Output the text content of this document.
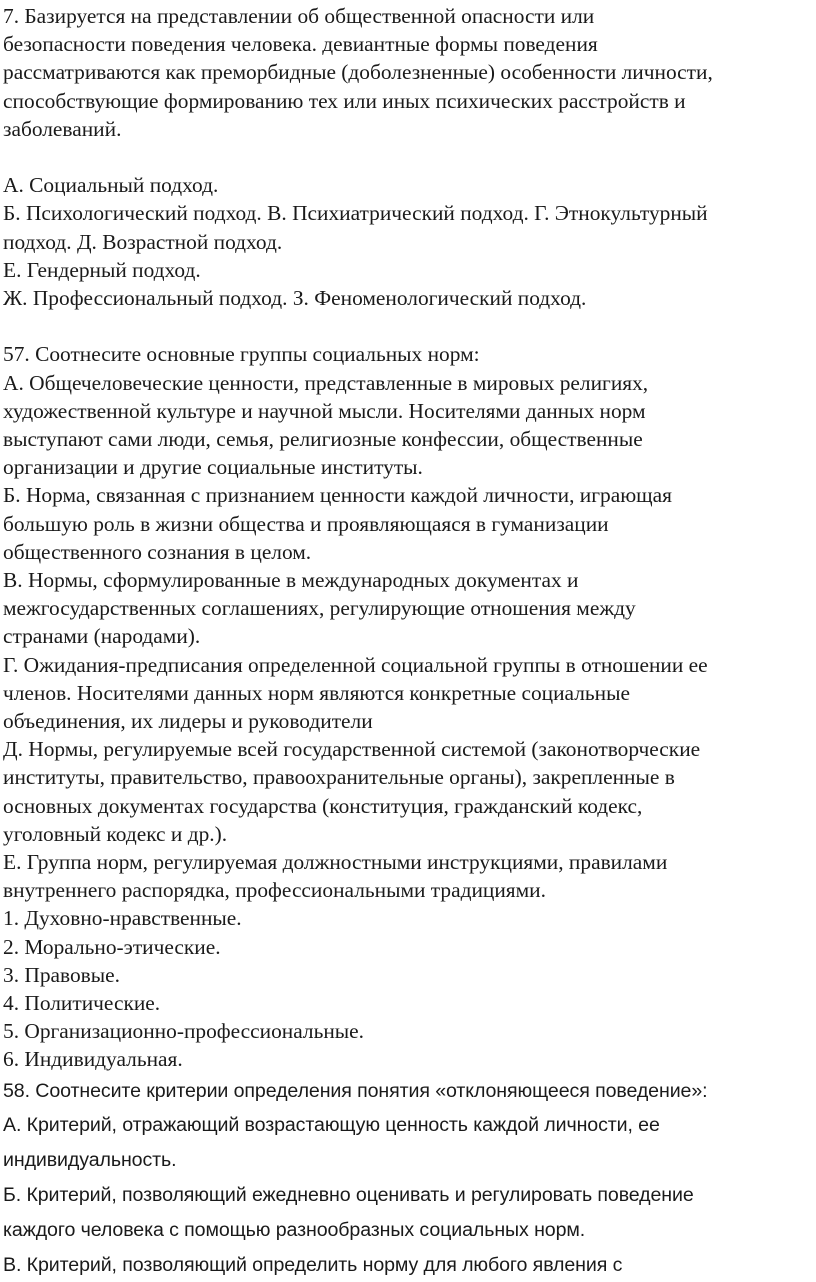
7. Базируется на представлении об общественной опасности или
безопасности поведения человека. девиантные формы поведения
рассматриваются как преморбидные (доболезненные) особенности личности,
способствующие формированию тех или иных психических расстройств и
заболеваний.
А. Социальный подход.
Б. Психологический подход. В. Психиатрический подход. Г. Этнокультурный
подход. Д. Возрастной подход.
Е. Гендерный подход.
Ж. Профессиональный подход. З. Феноменологический подход.
57. Соотнесите основные группы социальных норм:
А. Общечеловеческие ценности, представленные в мировых религиях,
художественной культуре и научной мысли. Носителями данных норм
выступают сами люди, семья, религиозные конфессии, общественные
организации и другие социальные институты.
Б. Норма, связанная с признанием ценности каждой личности, играющая
большую роль в жизни общества и проявляющаяся в гуманизации
общественного сознания в целом.
В. Нормы, сформулированные в международных документах и
межгосударственных соглашениях, регулирующие отношения между
странами (народами).
Г. Ожидания-предписания определенной социальной группы в отношении ее
членов. Носителями данных норм являются конкретные социальные
объединения, их лидеры и руководители
Д. Нормы, регулируемые всей государственной системой (законотворческие
институты, правительство, правоохранительные органы), закрепленные в
основных документах государства (конституция, гражданский кодекс,
уголовный кодекс и др.).
Е. Группа норм, регулируемая должностными инструкциями, правилами
внутреннего распорядка, профессиональными традициями.
1. Духовно-нравственные.
2. Морально-этические.
3. Правовые.
4. Политические.
5. Организационно-профессиональные.
6. Индивидуальная.
58. Соотнесите критерии определения понятия «отклоняющееся поведение»:
А. Критерий, отражающий возрастающую ценность каждой личности, ее
индивидуальность.
Б. Критерий, позволяющий ежедневно оценивать и регулировать поведение
каждого человека с помощью разнообразных социальных норм.
В. Критерий, позволяющий определить норму для любого явления с
